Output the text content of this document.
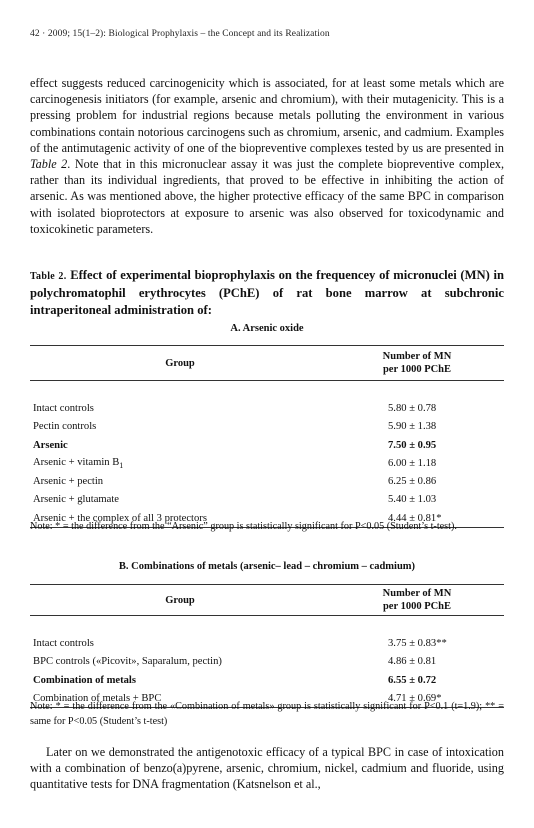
42 · 2009; 15(1–2): Biological Prophylaxis – the Concept and its Realization
effect suggests reduced carcinogenicity which is associated, for at least some metals which are carcinogenesis initiators (for example, arsenic and chromium), with their mutagenicity. This is a pressing problem for industrial regions because metals polluting the environment in various combinations contain notorious carcinogens such as chromium, arsenic, and cadmium. Examples of the antimutagenic activity of one of the biopreventive complexes tested by us are presented in Table 2. Note that in this micronuclear assay it was just the complete biopreventive complex, rather than its individual ingredients, that proved to be effective in inhibiting the action of arsenic. As was mentioned above, the higher protective efficacy of the same BPC in comparison with isolated bioprotectors at exposure to arsenic was also observed for toxicodynamic and toxicokinetic parameters.
Table 2. Effect of experimental bioprophylaxis on the frequencey of micronuclei (MN) in polychromatophil erythrocytes (PChE) of rat bone marrow at subchronic intraperitoneal administration of:
A. Arsenic oxide
Group	Number of MN
per 1000 PChE

Intact controls	5.80 ± 0.78
Pectin controls	5.90 ± 1.38
Arsenic	7.50 ± 0.95
Arsenic + vitamin $B_1$	6.00 ± 1.18
Arsenic + pectin	6.25 ± 0.86
Arsenic + glutamate	5.40 ± 1.03
Arsenic + the complex of all 3 protectors	4.44 ± 0.81*
Note: * = the difference from the “Arsenic” group is statistically significant for P<0.05 (Student’s t-test).
B. Combinations of metals (arsenic– lead – chromium – cadmium)
Group	Number of MN
per 1000 PChE

Intact controls	3.75 ± 0.83**
BPC controls («Picovit», Saparalum, pectin)	4.86 ± 0.81
Combination of metals	6.55 ± 0.72
Combination of metals + BPC	4.71 ± 0.69*
Note: * = the difference from the «Combination of metals» group is statistically significant for P<0.1 (t=1.9); ** = same for P<0.05 (Student’s t-test)
Later on we demonstrated the antigenotoxic efficacy of a typical BPC in case of intoxication with a combination of benzo(a)pyrene, arsenic, chromium, nickel, cadmium and fluoride, using quantitative tests for DNA fragmentation (Katsnelson et al.,
